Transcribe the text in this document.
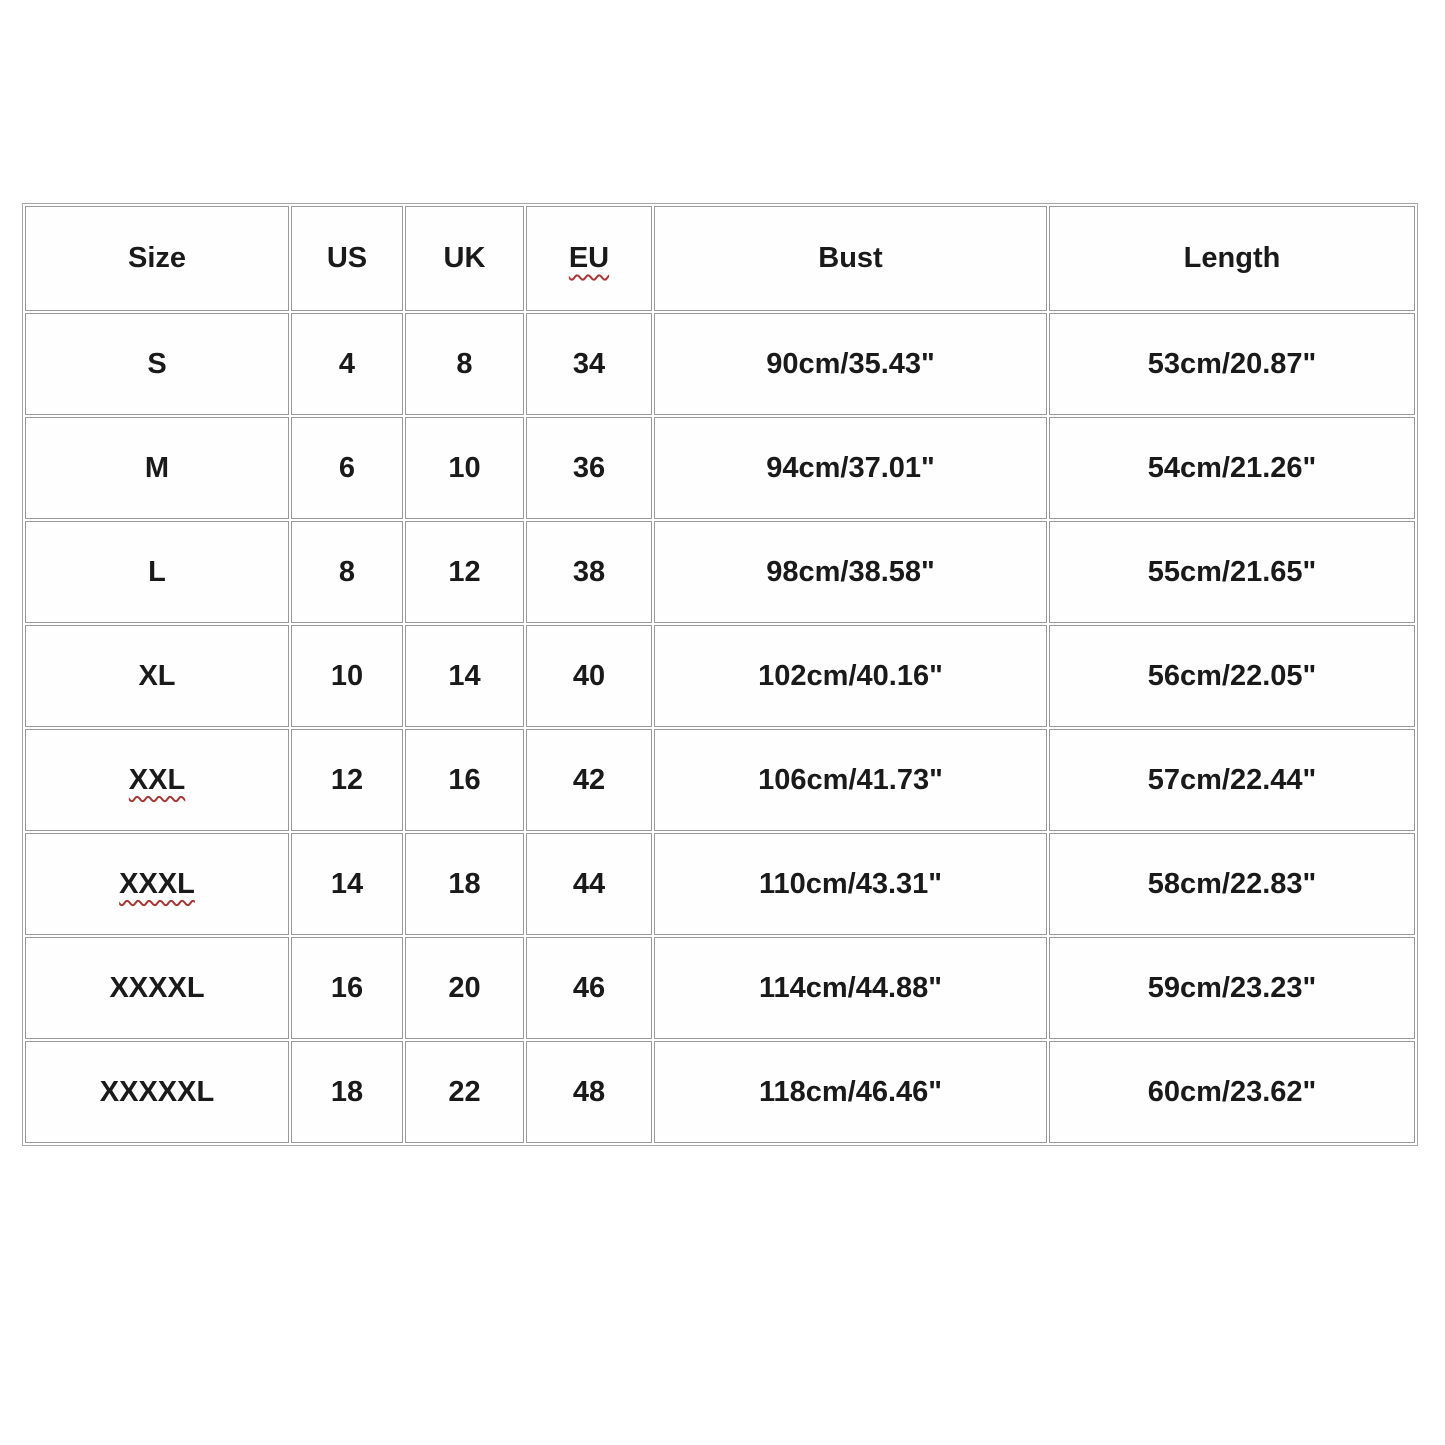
Size	US	UK	EU	Bust	Length
S	4	8	34	90cm/35.43"	53cm/20.87"
M	6	10	36	94cm/37.01"	54cm/21.26"
L	8	12	38	98cm/38.58"	55cm/21.65"
XL	10	14	40	102cm/40.16"	56cm/22.05"
XXL	12	16	42	106cm/41.73"	57cm/22.44"
XXXL	14	18	44	110cm/43.31"	58cm/22.83"
XXXXL	16	20	46	114cm/44.88"	59cm/23.23"
XXXXXL	18	22	48	118cm/46.46"	60cm/23.62"
